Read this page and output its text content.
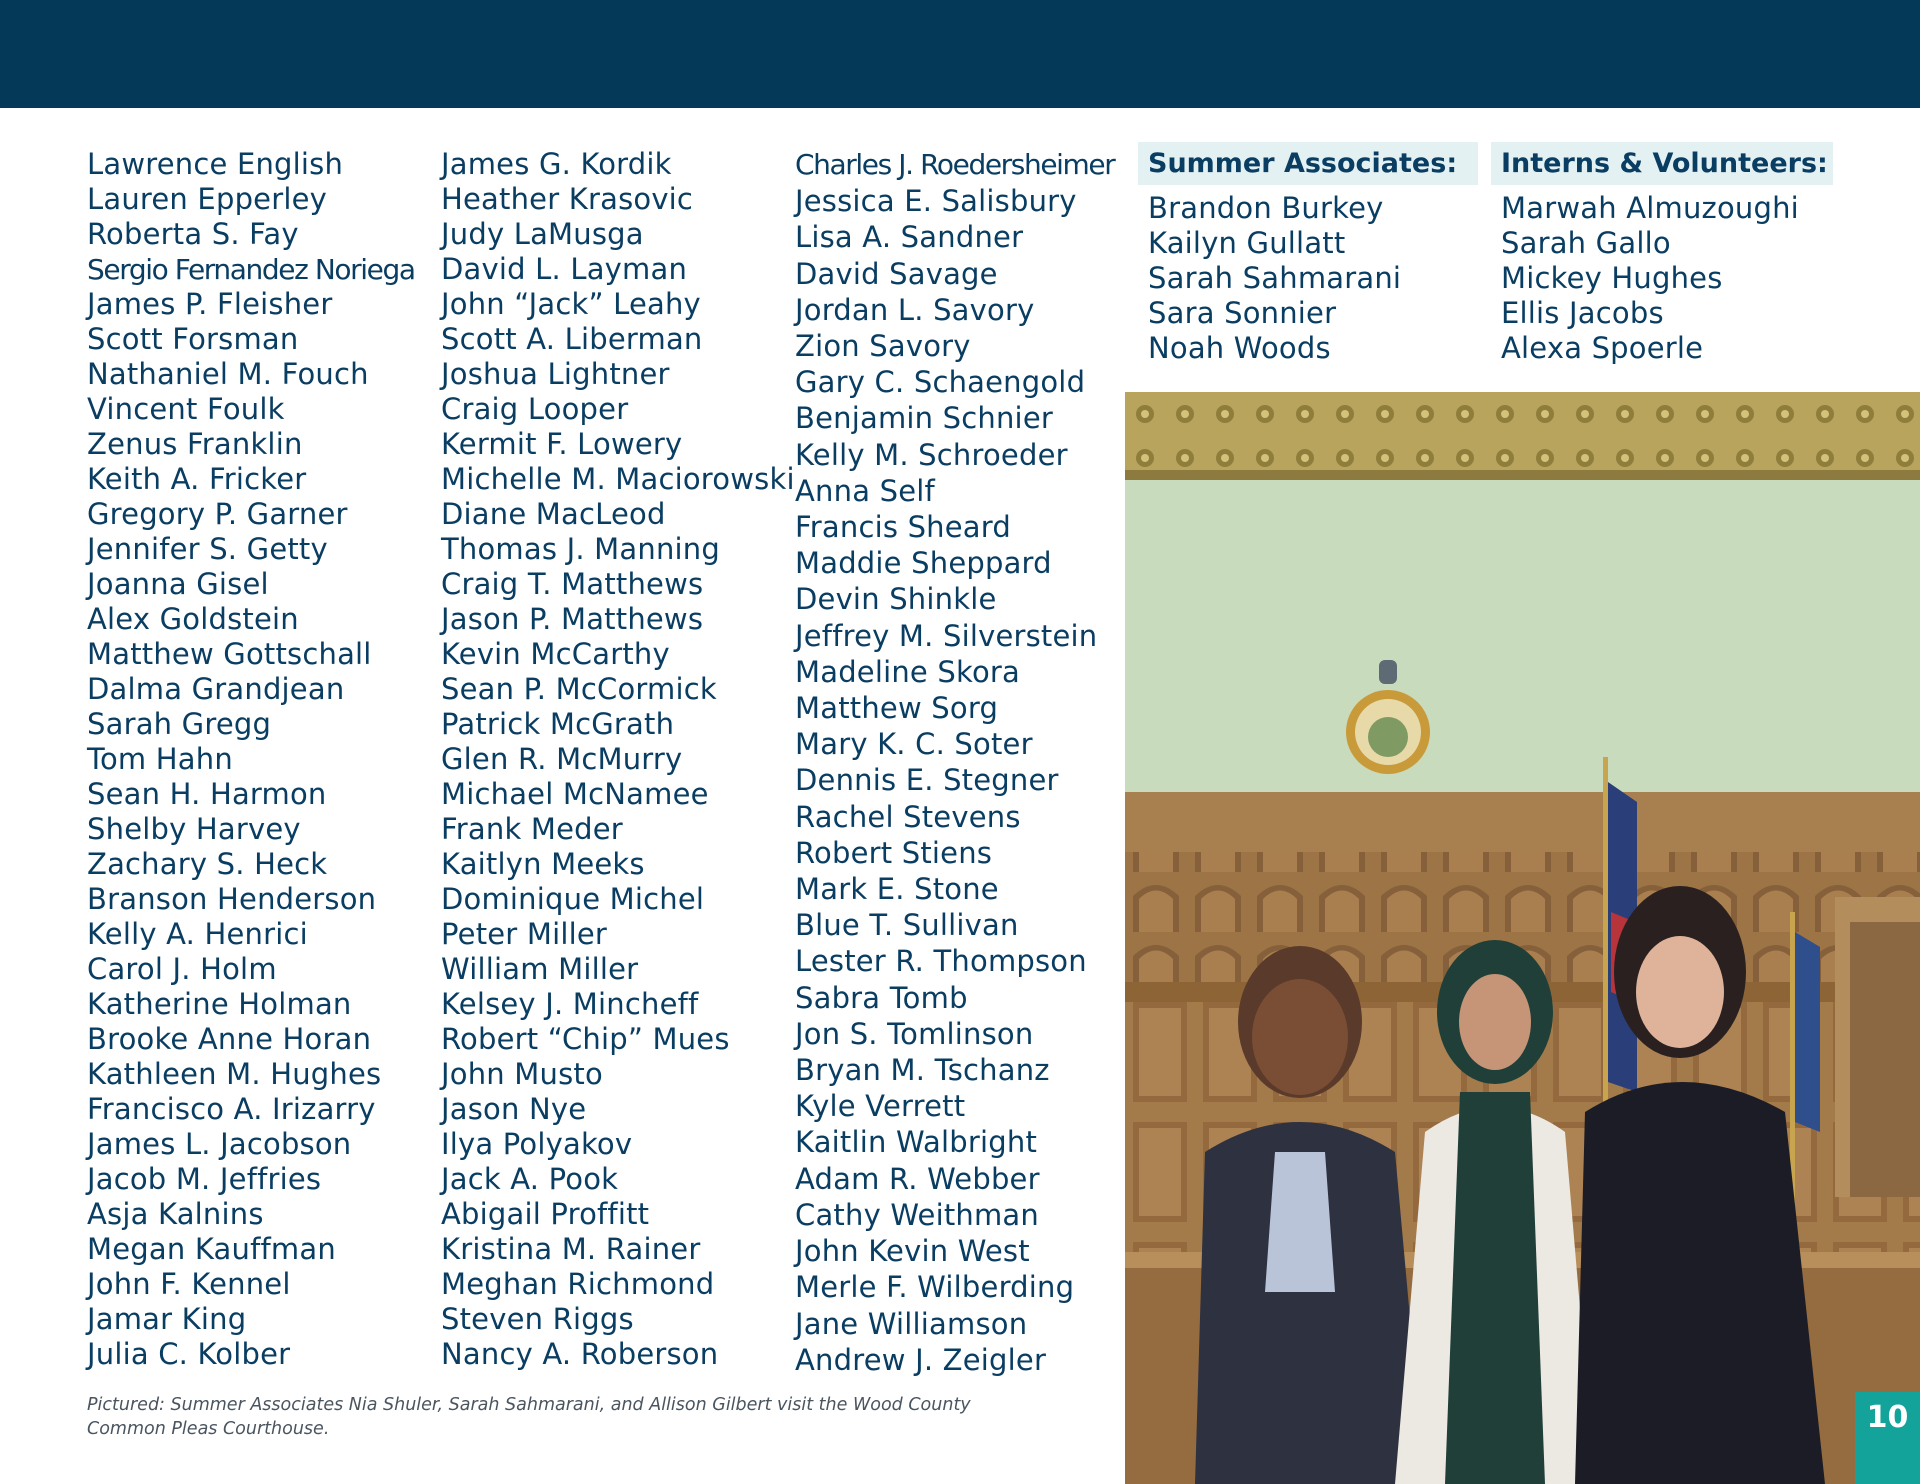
Lawrence English
Lauren Epperley
Roberta S. Fay
Sergio Fernandez Noriega
James P. Fleisher
Scott Forsman
Nathaniel M. Fouch
Vincent Foulk
Zenus Franklin
Keith A. Fricker
Gregory P. Garner
Jennifer S. Getty
Joanna Gisel
Alex Goldstein
Matthew Gottschall
Dalma Grandjean
Sarah Gregg
Tom Hahn
Sean H. Harmon
Shelby Harvey
Zachary S. Heck
Branson Henderson
Kelly A. Henrici
Carol J. Holm
Katherine Holman
Brooke Anne Horan
Kathleen M. Hughes
Francisco A. Irizarry
James L. Jacobson
Jacob M. Jeffries
Asja Kalnins
Megan Kauffman
John F. Kennel
Jamar King
Julia C. Kolber
James G. Kordik
Heather Krasovic
Judy LaMusga
David L. Layman
John “Jack” Leahy
Scott A. Liberman
Joshua Lightner
Craig Looper
Kermit F. Lowery
Michelle M. Maciorowski
Diane MacLeod
Thomas J. Manning
Craig T. Matthews
Jason P. Matthews
Kevin McCarthy
Sean P. McCormick
Patrick McGrath
Glen R. McMurry
Michael McNamee
Frank Meder
Kaitlyn Meeks
Dominique Michel
Peter Miller
William Miller
Kelsey J. Mincheff
Robert “Chip” Mues
John Musto
Jason Nye
Ilya Polyakov
Jack A. Pook
Abigail Proffitt
Kristina M. Rainer
Meghan Richmond
Steven Riggs
Nancy A. Roberson
Charles J. Roedersheimer
Jessica E. Salisbury
Lisa A. Sandner
David Savage
Jordan L. Savory
Zion Savory
Gary C. Schaengold
Benjamin Schnier
Kelly M. Schroeder
Anna Self
Francis Sheard
Maddie Sheppard
Devin Shinkle
Jeffrey M. Silverstein
Madeline Skora
Matthew Sorg
Mary K. C. Soter
Dennis E. Stegner
Rachel Stevens
Robert Stiens
Mark E. Stone
Blue T. Sullivan
Lester R. Thompson
Sabra Tomb
Jon S. Tomlinson
Bryan M. Tschanz
Kyle Verrett
Kaitlin Walbright
Adam R. Webber
Cathy Weithman
John Kevin West
Merle F. Wilberding
Jane Williamson
Andrew J. Zeigler
Summer Associates:
Brandon Burkey
Kailyn Gullatt
Sarah Sahmarani
Sara Sonnier
Noah Woods
Interns & Volunteers:
Marwah Almuzoughi
Sarah Gallo
Mickey Hughes
Ellis Jacobs
Alexa Spoerle
Pictured: Summer Associates Nia Shuler, Sarah Sahmarani, and Allison Gilbert visit the Wood County
Common Pleas Courthouse.	10
